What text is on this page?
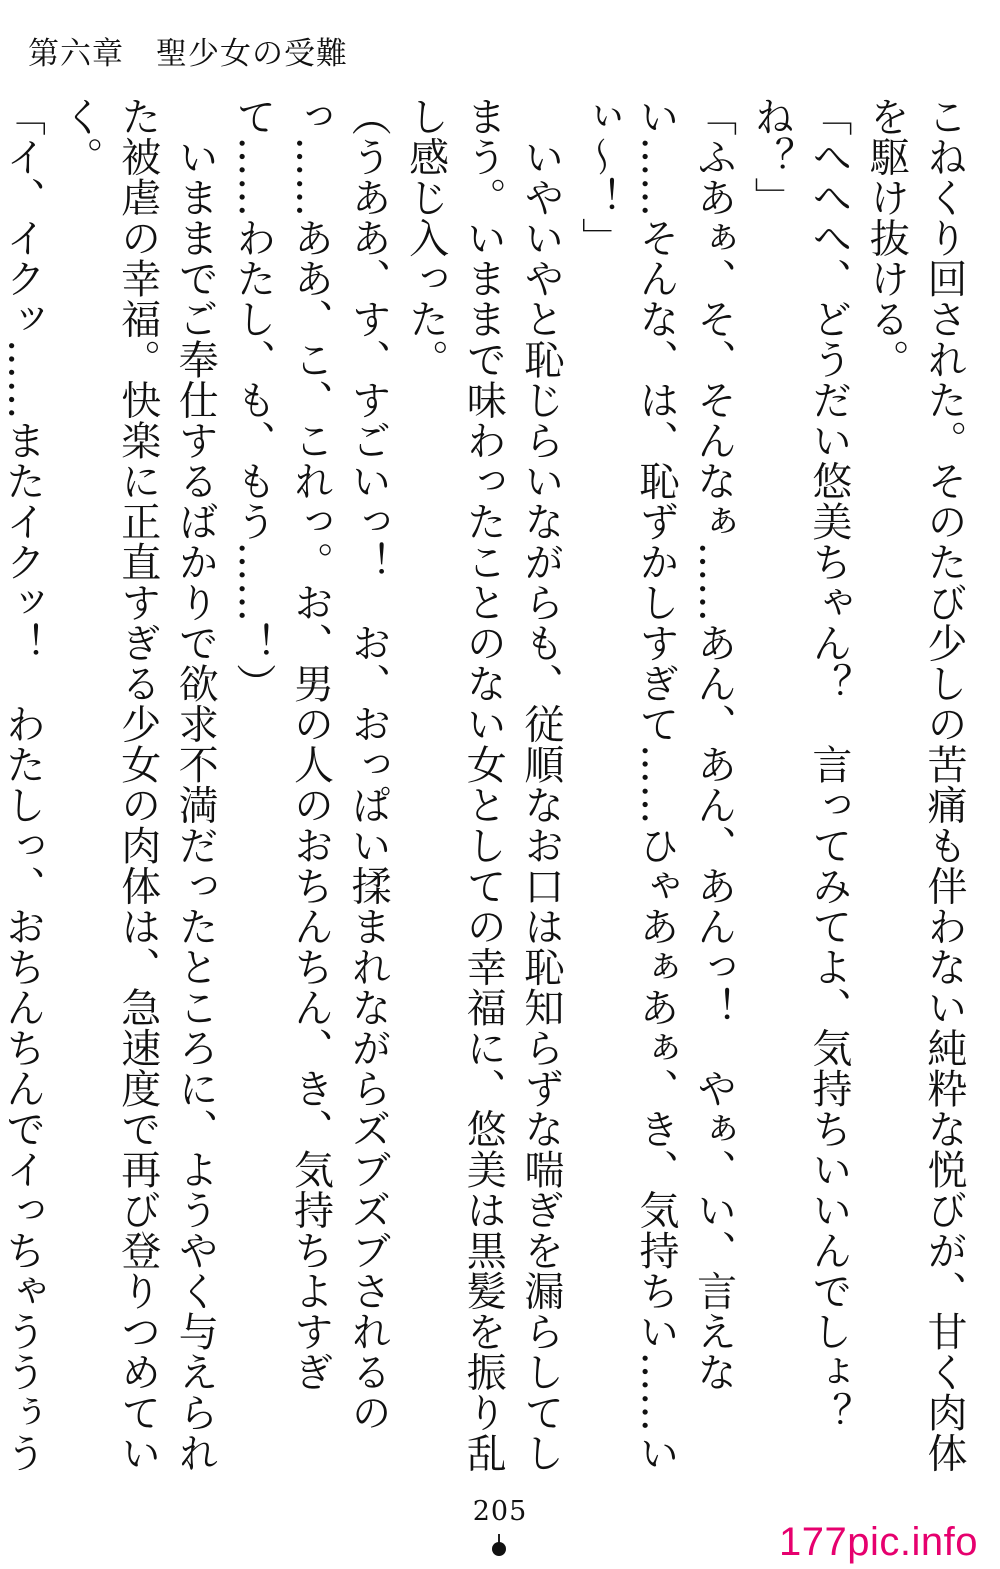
第六章　聖少女の受難

こねくり回された。そのたび少しの苦痛も伴わない純粋な悦びが、甘く肉体を駆け抜ける。

「へへへ、どうだい悠美ちゃん？　言ってみてよ、気持ちいいんでしょ？　ね？」

「ふあぁ、そ、そんなぁ……あん、あん、あんっ！　やぁ、い、言えない……そんな、は、恥ずかしすぎて……ひゃあぁあぁ、き、気持ちい……いぃ～！」

　いやいやと恥じらいながらも、従順なお口は恥知らずな喘ぎを漏らしてしまう。いままで味わったことのない女としての幸福に、悠美は黒髪を振り乱し感じ入った。

（うああ、す、すごいっ！　お、おっぱい揉まれながらズブズブされるのっ……ああ、こ、これっ。お、男の人のおちんちん、き、気持ちよすぎて……わたし、も、もう……！）

　いままでご奉仕するばかりで欲求不満だったところに、ようやく与えられた被虐の幸福。快楽に正直すぎる少女の肉体は、急速度で再び登りつめていく。

「イ、イクッ……またイクッ！　わたしっ、おちんちんでイっちゃううぅう

205
177pic.info
